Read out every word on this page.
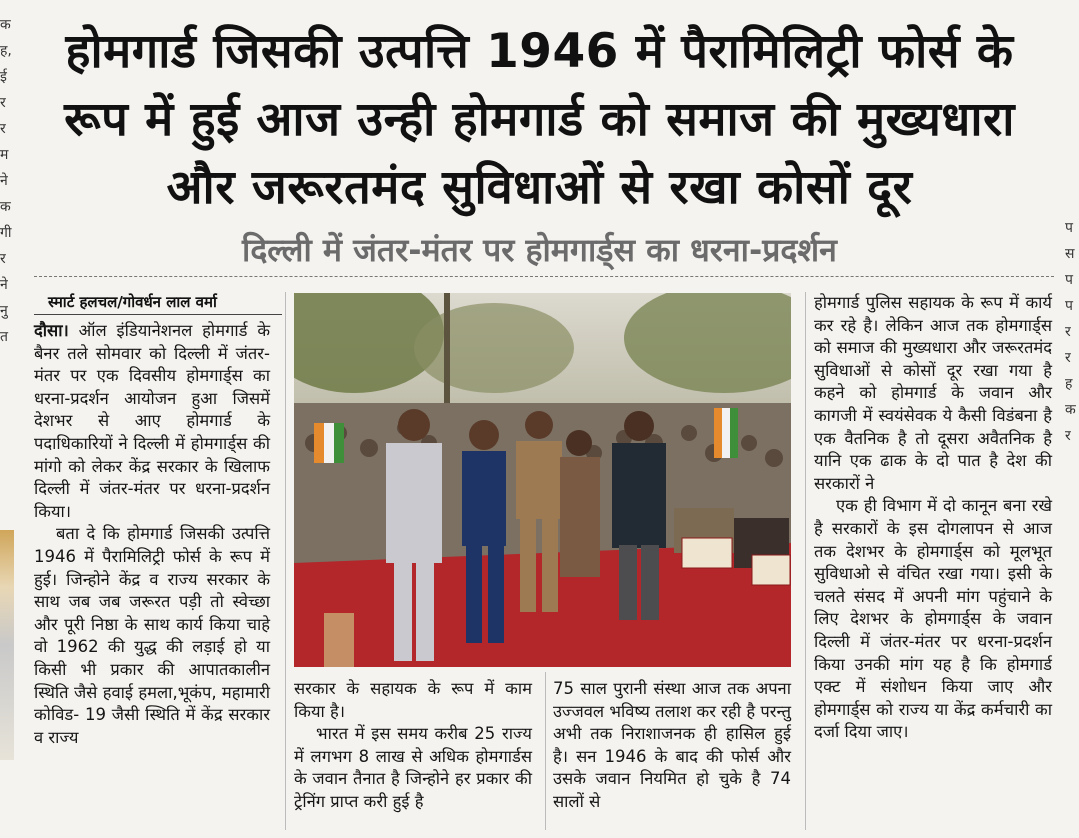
क
ह,
ई
र
र
म
ने
क
गी
र
ने
नु
त
प
स
प
प
र
र
ह
क
र
होमगार्ड जिसकी उत्पत्ति 1946 में पैरामिलिट्री फोर्स के
रूप में हुई आज उन्ही होमगार्ड को समाज की मुख्यधारा
और जरूरतमंद सुविधाओं से रखा कोसों दूर
दिल्ली में जंतर-मंतर पर होमगार्ड्स का धरना-प्रदर्शन
स्मार्ट हलचल/गोवर्धन लाल वर्मा

दौसा। ऑल इंडियानेशनल होमगार्ड के बैनर तले सोमवार को दिल्ली में जंतर-मंतर पर एक दिवसीय होमगार्ड्स का धरना-प्रदर्शन आयोजन हुआ जिसमें देशभर से आए होमगार्ड के पदाधिकारियों ने दिल्ली में होमगार्ड्स की मांगो को लेकर केंद्र सरकार के खिलाफ दिल्ली में जंतर-मंतर पर धरना-प्रदर्शन किया।

बता दे कि होमगार्ड जिसकी उत्पत्ति 1946 में पैरामिलिट्री फोर्स के रूप में हुई। जिन्होने केंद्र व राज्य सरकार के साथ जब जब जरूरत पड़ी तो स्वेच्छा और पूरी निष्ठा के साथ कार्य किया चाहे वो 1962 की युद्ध की लड़ाई हो या किसी भी प्रकार की आपातकालीन स्थिति जैसे हवाई हमला,भूकंप, महामारी कोविड- 19 जैसी स्थिति में केंद्र सरकार व राज्य

सरकार के सहायक के रूप में काम किया है।

भारत में इस समय करीब 25 राज्य में लगभग 8 लाख से अधिक होमगार्डस के जवान तैनात है जिन्होने हर प्रकार की ट्रेनिंग प्राप्त करी हुई है

75 साल पुरानी संस्था आज तक अपना उज्जवल भविष्य तलाश कर रही है परन्तु अभी तक निराशाजनक ही हासिल हुई है। सन 1946 के बाद की फोर्स और उसके जवान नियमित हो चुके है 74 सालों से

होमगार्ड पुलिस सहायक के रूप में कार्य कर रहे है। लेकिन आज तक होमगार्ड्स को समाज की मुख्यधारा और जरूरतमंद सुविधाओं से कोसों दूर रखा गया है कहने को होमगार्ड के जवान और कागजी में स्वयंसेवक ये कैसी विडंबना है एक वैतनिक है तो दूसरा अवैतनिक है यानि एक ढाक के दो पात है देश की सरकारों ने

एक ही विभाग में दो कानून बना रखे है सरकारों के इस दोगलापन से आज तक देशभर के होमगार्ड्स को मूलभूत सुविधाओ से वंचित रखा गया। इसी के चलते संसद में अपनी मांग पहुंचाने के लिए देशभर के होमगार्ड्स के जवान दिल्ली में जंतर-मंतर पर धरना-प्रदर्शन किया उनकी मांग यह है कि होमगार्ड एक्ट में संशोधन किया जाए और होमगार्ड्स को राज्य या केंद्र कर्मचारी का दर्जा दिया जाए।
